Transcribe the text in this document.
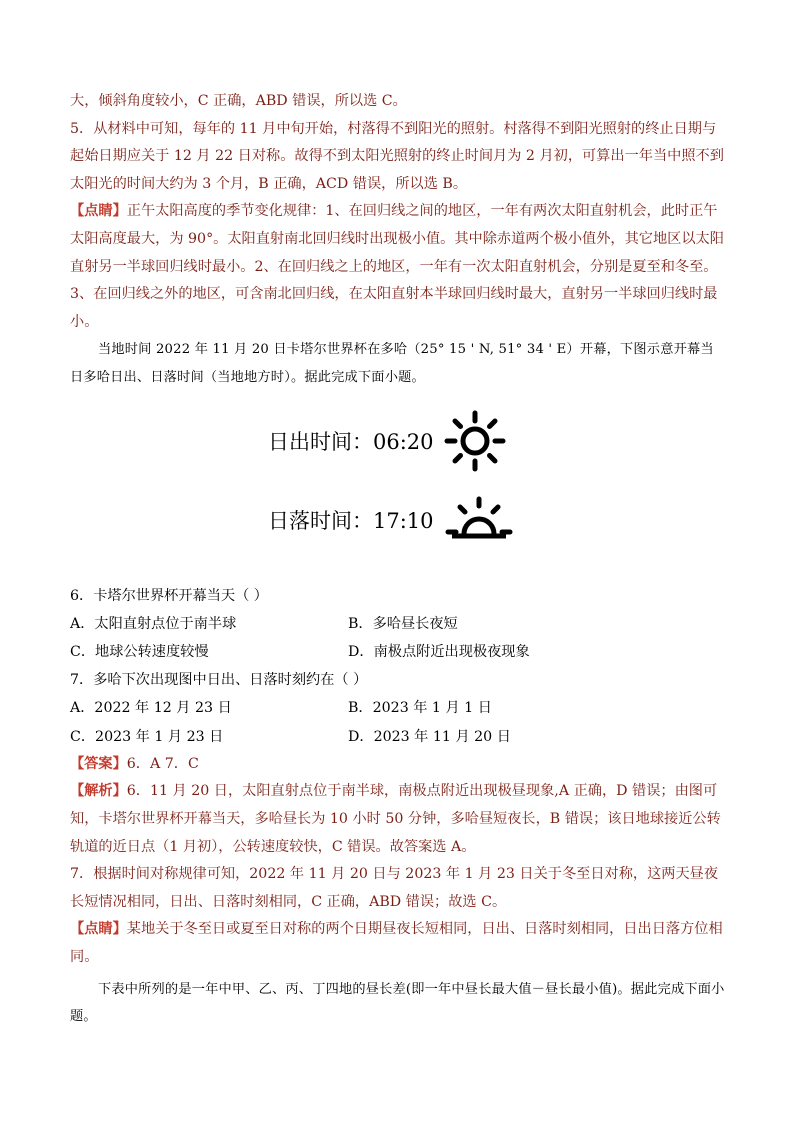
大，倾斜角度较小，C 正确，ABD 错误，所以选 C。

5．从材料中可知，每年的 11 月中旬开始，村落得不到阳光的照射。村落得不到阳光照射的终止日期与起始日期应关于 12 月 22 日对称。故得不到太阳光照射的终止时间月为 2 月初，可算出一年当中照不到太阳光的时间大约为 3 个月，B 正确，ACD 错误，所以选 B。

【点睛】正午太阳高度的季节变化规律：1、在回归线之间的地区，一年有两次太阳直射机会，此时正午太阳高度最大，为 90°。太阳直射南北回归线时出现极小值。其中除赤道两个极小值外，其它地区以太阳直射另一半球回归线时最小。2、在回归线之上的地区，一年有一次太阳直射机会，分别是夏至和冬至。3、在回归线之外的地区，可含南北回归线，在太阳直射本半球回归线时最大，直射另一半球回归线时最小。

当地时间 2022 年 11 月 20 日卡塔尔世界杯在多哈（25° 15 ' N, 51° 34 ' E）开幕，下图示意开幕当日多哈日出、日落时间（当地地方时）。据此完成下面小题。

日出时间：06:20
日落时间：17:10

6．卡塔尔世界杯开幕当天（ ）

A．太阳直射点位于南半球	B．多哈昼长夜短
C．地球公转速度较慢	D．南极点附近出现极夜现象

7．多哈下次出现图中日出、日落时刻约在（ ）

A．2022 年 12 月 23 日	B．2023 年 1 月 1 日
C．2023 年 1 月 23 日	D．2023 年 11 月 20 日

【答案】6．A 7．C

【解析】6．11 月 20 日，太阳直射点位于南半球，南极点附近出现极昼现象,A 正确，D 错误；由图可知，卡塔尔世界杯开幕当天，多哈昼长为 10 小时 50 分钟，多哈昼短夜长，B 错误；该日地球接近公转轨道的近日点（1 月初），公转速度较快，C 错误。故答案选 A。

7．根据时间对称规律可知，2022 年 11 月 20 日与 2023 年 1 月 23 日关于冬至日对称，这两天昼夜长短情况相同，日出、日落时刻相同，C 正确，ABD 错误；故选 C。

【点睛】某地关于冬至日或夏至日对称的两个日期昼夜长短相同，日出、日落时刻相同，日出日落方位相同。

下表中所列的是一年中甲、乙、丙、丁四地的昼长差(即一年中昼长最大值－昼长最小值)。据此完成下面小题。
